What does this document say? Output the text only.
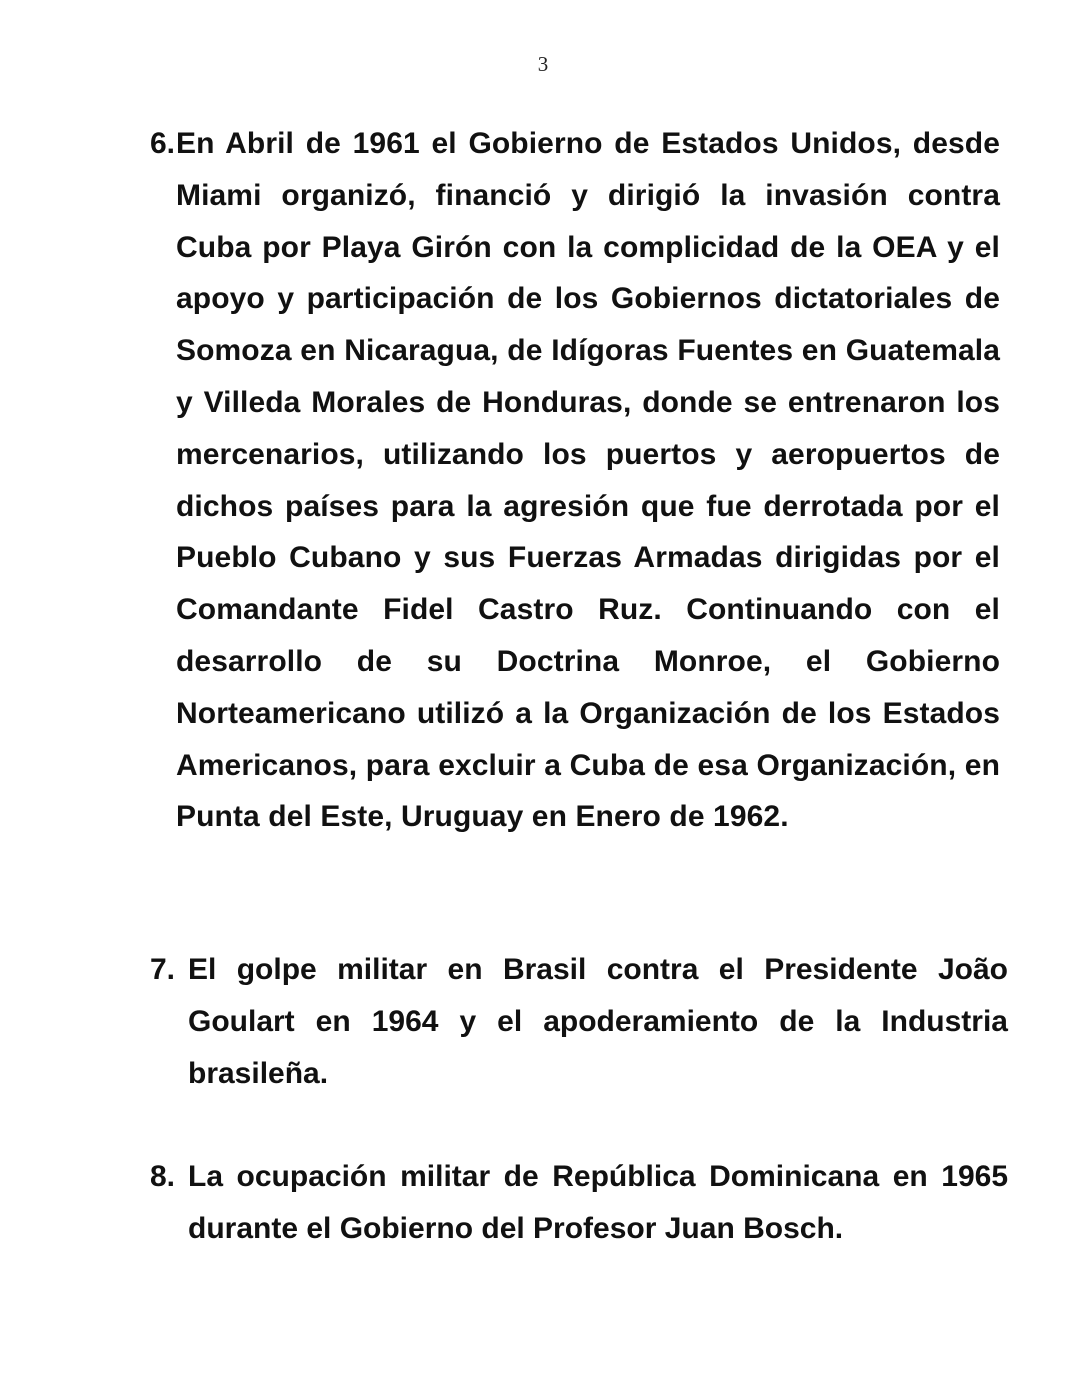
3
6. En Abril de 1961 el Gobierno de Estados Unidos, desde Miami organizó, financió y dirigió la invasión contra Cuba por Playa Girón con la complicidad de la OEA y el apoyo y participación de los Gobiernos dictatoriales de Somoza en Nicaragua, de Idígoras Fuentes en Guatemala y Villeda Morales de Honduras, donde se entrenaron los mercenarios, utilizando los puertos y aeropuertos de dichos países para la agresión que fue derrotada por el Pueblo Cubano y sus Fuerzas Armadas dirigidas por el Comandante Fidel Castro Ruz. Continuando con el desarrollo de su Doctrina Monroe, el Gobierno Norteamericano utilizó a la Organización de los Estados Americanos, para excluir a Cuba de esa Organización, en Punta del Este, Uruguay en Enero de 1962.

7. El golpe militar en Brasil contra el Presidente João Goulart en 1964 y el apoderamiento de la Industria brasileña.

8. La ocupación militar de República Dominicana en 1965 durante el Gobierno del Profesor Juan Bosch.
